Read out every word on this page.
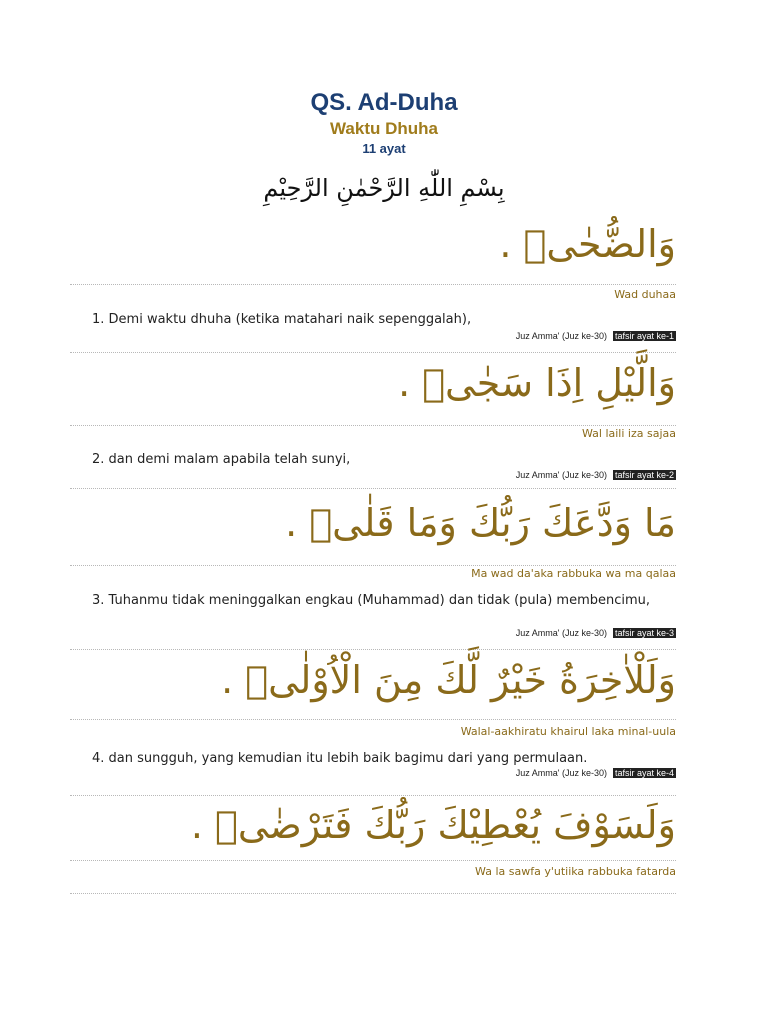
QS. Ad-Duha
Waktu Dhuha
11 ayat
بِسْمِ اللّٰهِ الرَّحْمٰنِ الرَّحِيْمِ
وَالضُّحٰىۙ .
Wad duhaa
1. Demi waktu dhuha (ketika matahari naik sepenggalah),
Juz Amma' (Juz ke-30) tafsir ayat ke-1
وَالَّيْلِ اِذَا سَجٰىۙ .
Wal laili iza sajaa
2. dan demi malam apabila telah sunyi,
Juz Amma' (Juz ke-30) tafsir ayat ke-2
مَا وَدَّعَكَ رَبُّكَ وَمَا قَلٰىۗ .
Ma wad da'aka rabbuka wa ma qalaa
3. Tuhanmu tidak meninggalkan engkau (Muhammad) dan tidak (pula) membencimu,
Juz Amma' (Juz ke-30) tafsir ayat ke-3
وَلَلْاٰخِرَةُ خَيْرٌ لَّكَ مِنَ الْاُوْلٰىۗ .
Walal-aakhiratu khairul laka minal-uula
4. dan sungguh, yang kemudian itu lebih baik bagimu dari yang permulaan.
Juz Amma' (Juz ke-30) tafsir ayat ke-4
وَلَسَوْفَ يُعْطِيْكَ رَبُّكَ فَتَرْضٰىۗ .
Wa la sawfa y'utiika rabbuka fatarda
